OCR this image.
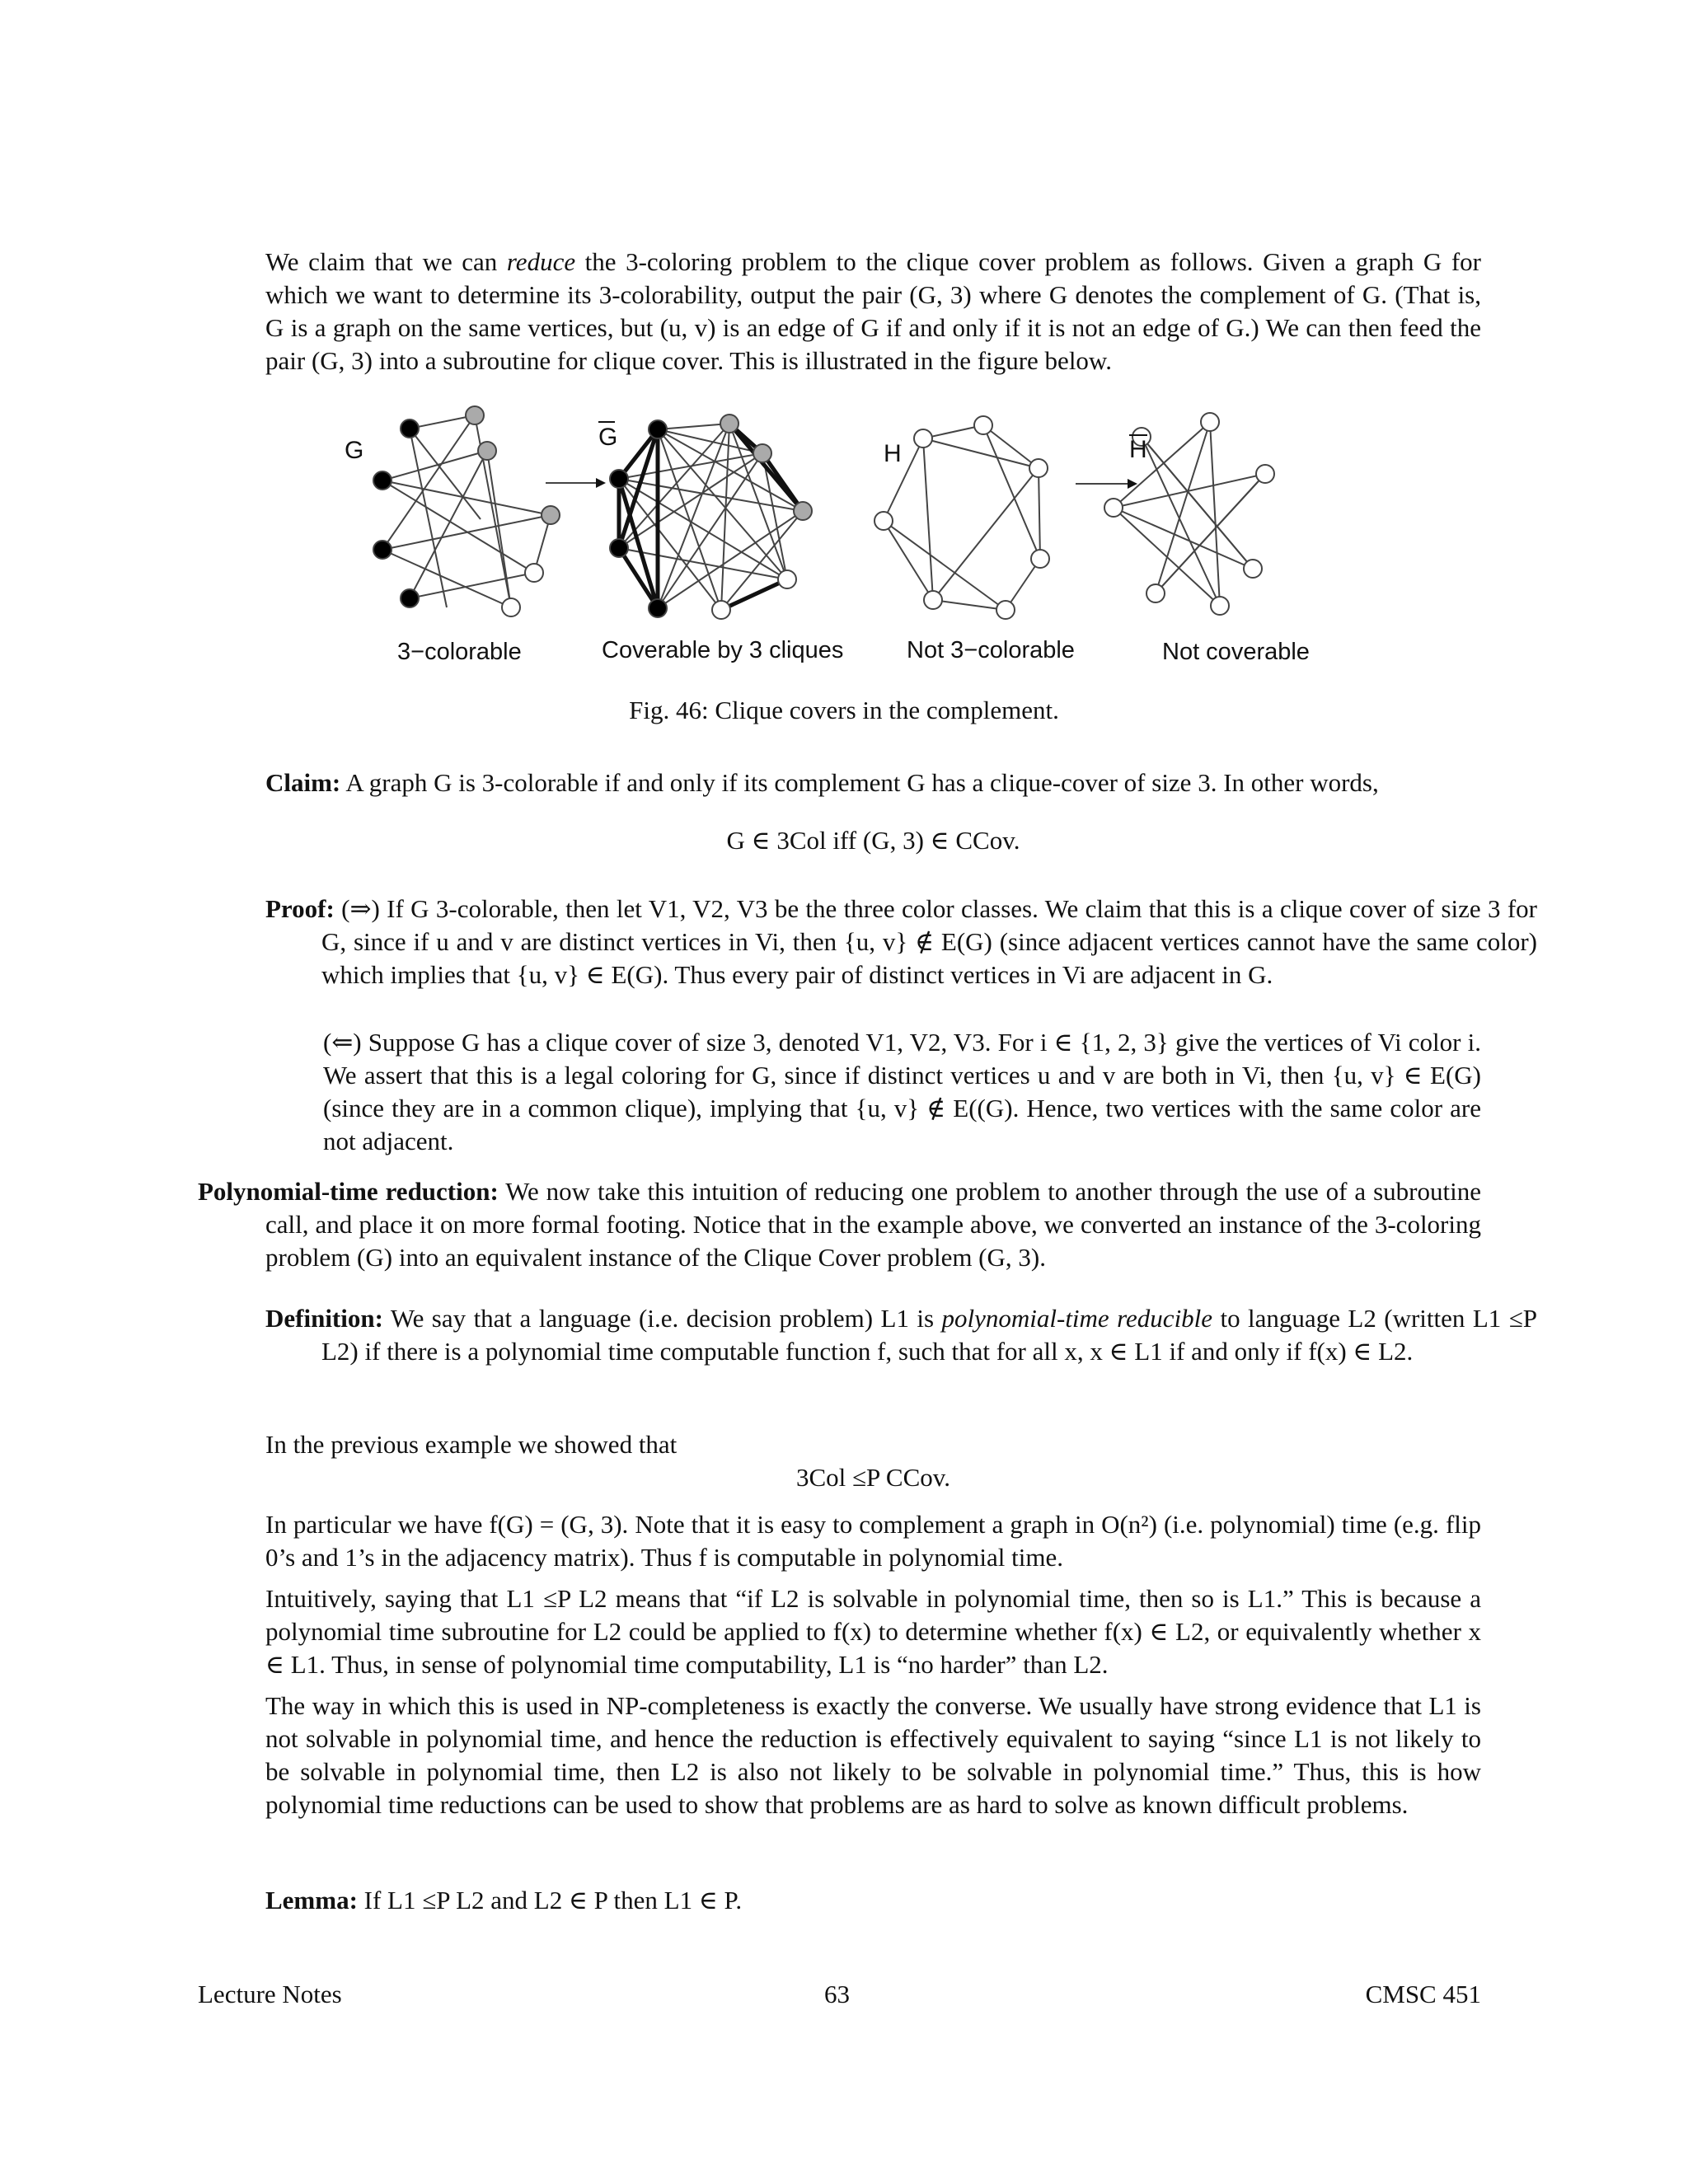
We claim that we can reduce the 3-coloring problem to the clique cover problem as follows. Given a graph G for which we want to determine its 3-colorability, output the pair (G, 3) where G denotes the complement of G. (That is, G is a graph on the same vertices, but (u, v) is an edge of G if and only if it is not an edge of G.) We can then feed the pair (G, 3) into a subroutine for clique cover. This is illustrated in the figure below.

G	G
H	H
3−colorable	Coverable by 3 cliques	Not 3−colorable	Not coverable
Fig. 46: Clique covers in the complement.

Claim: A graph G is 3-colorable if and only if its complement G has a clique-cover of size 3. In other words,

G ∈ 3Col iff (G, 3) ∈ CCov.

Proof: (⇒) If G 3-colorable, then let V1, V2, V3 be the three color classes. We claim that this is a clique cover of size 3 for G, since if u and v are distinct vertices in Vi, then {u, v} ∉ E(G) (since adjacent vertices cannot have the same color) which implies that {u, v} ∈ E(G). Thus every pair of distinct vertices in Vi are adjacent in G.

(⇐) Suppose G has a clique cover of size 3, denoted V1, V2, V3. For i ∈ {1, 2, 3} give the vertices of Vi color i. We assert that this is a legal coloring for G, since if distinct vertices u and v are both in Vi, then {u, v} ∈ E(G) (since they are in a common clique), implying that {u, v} ∉ E((G). Hence, two vertices with the same color are not adjacent.

Polynomial-time reduction: We now take this intuition of reducing one problem to another through the use of a subroutine call, and place it on more formal footing. Notice that in the example above, we converted an instance of the 3-coloring problem (G) into an equivalent instance of the Clique Cover problem (G, 3).

Definition: We say that a language (i.e. decision problem) L1 is polynomial-time reducible to language L2 (written L1 ≤P L2) if there is a polynomial time computable function f, such that for all x, x ∈ L1 if and only if f(x) ∈ L2.

In the previous example we showed that
3Col ≤P CCov.
In particular we have f(G) = (G, 3). Note that it is easy to complement a graph in O(n²) (i.e. polynomial) time (e.g. flip 0’s and 1’s in the adjacency matrix). Thus f is computable in polynomial time.
Intuitively, saying that L1 ≤P L2 means that “if L2 is solvable in polynomial time, then so is L1.” This is because a polynomial time subroutine for L2 could be applied to f(x) to determine whether f(x) ∈ L2, or equivalently whether x ∈ L1. Thus, in sense of polynomial time computability, L1 is “no harder” than L2.
The way in which this is used in NP-completeness is exactly the converse. We usually have strong evidence that L1 is not solvable in polynomial time, and hence the reduction is effectively equivalent to saying “since L1 is not likely to be solvable in polynomial time, then L2 is also not likely to be solvable in polynomial time.” Thus, this is how polynomial time reductions can be used to show that problems are as hard to solve as known difficult problems.

Lemma: If L1 ≤P L2 and L2 ∈ P then L1 ∈ P.

Lecture Notes	63	CMSC 451
